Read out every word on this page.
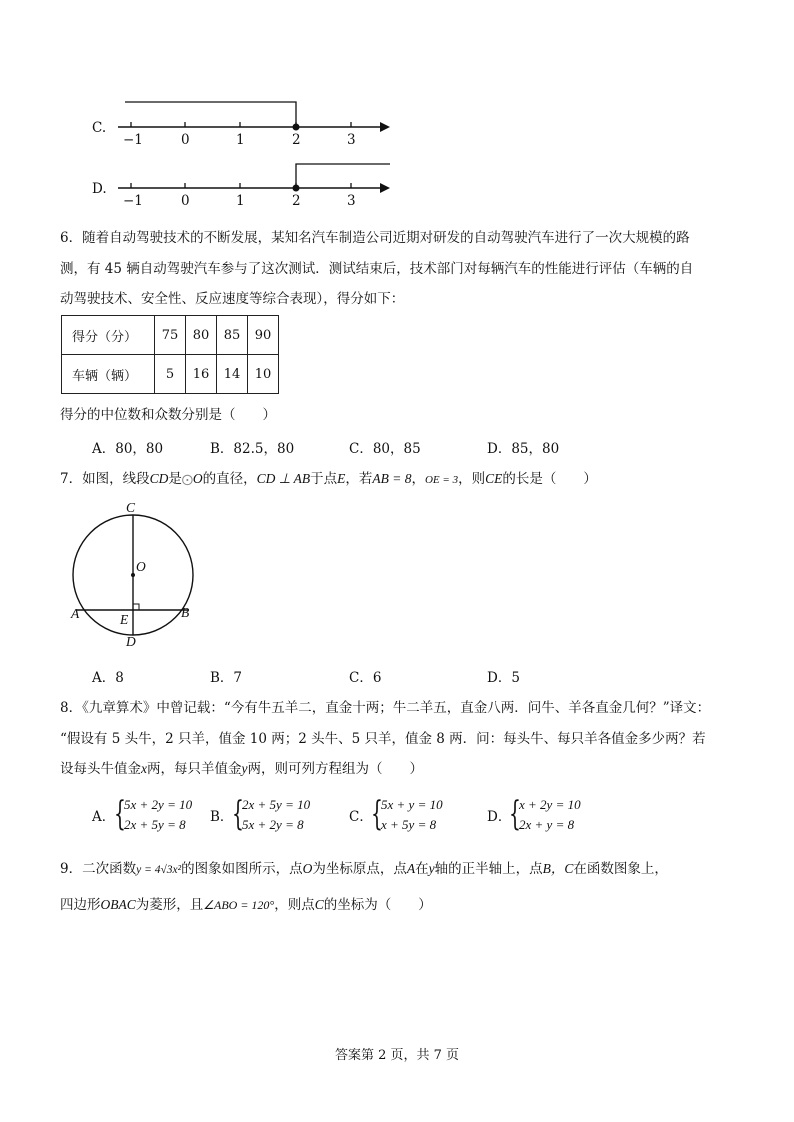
C.
−1	0	1	2	3
D.
−1	0	1	2	3
6．随着自动驾驶技术的不断发展，某知名汽车制造公司近期对研发的自动驾驶汽车进行了一次大规模的路
测，有 45 辆自动驾驶汽车参与了这次测试．测试结束后，技术部门对每辆汽车的性能进行评估（车辆的自
动驾驶技术、安全性、反应速度等综合表现），得分如下：
得分（分）	75	80	85	90
车辆（辆）	5	16	14	10
得分的中位数和众数分别是（　　）
A．80，80	B．82.5，80	C．80，85	D．85，80
7．如图，线段CD是⨀O的直径，CD ⊥ AB于点E，若AB = 8，OE = 3，则CE的长是（　　）
C
O
A	B
E
D
A．8	B．7	C．6	D．5
8．《九章算术》中曾记载：“今有牛五羊二，直金十两；牛二羊五，直金八两．问牛、羊各直金几何？”译文：
“假设有 5 头牛，2 只羊，值金 10 两；2 头牛、5 只羊，值金 8 两．问：每头牛、每只羊各值金多少两？若
设每头牛值金x两，每只羊值金y两，则可列方程组为（　　）
A．
{
5x + 2y = 10
2x + 5y = 8 B．
{
2x + 5y = 10
5x + 2y = 8	C．
{
5x + y = 10
x + 5y = 8	D．
{
x + 2y = 10
2x + y = 8
9．二次函数y = 4√3x²的图象如图所示，点O为坐标原点，点A在y轴的正半轴上，点B，C在函数图象上，
四边形OBAC为菱形，且∠ABO = 120°，则点C的坐标为（　　）
答案第 2 页，共 7 页
